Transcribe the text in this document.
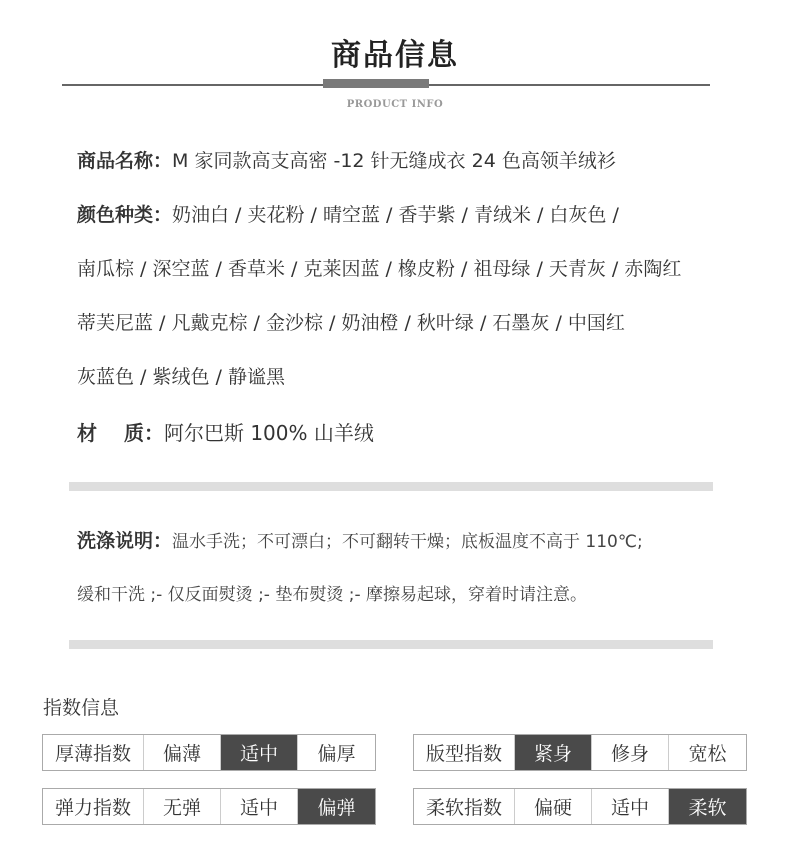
商品信息
PRODUCT INFO
商品名称：M 家同款高支高密 -12 针无缝成衣 24 色高领羊绒衫
颜色种类：奶油白 / 夹花粉 / 晴空蓝 / 香芋紫 / 青绒米 / 白灰色 /
南瓜棕 / 深空蓝 / 香草米 / 克莱因蓝 / 橡皮粉 / 祖母绿 / 天青灰 / 赤陶红
蒂芙尼蓝 / 凡戴克棕 / 金沙棕 / 奶油橙 / 秋叶绿 / 石墨灰 / 中国红
灰蓝色 / 紫绒色 / 静谧黑
材　 质：阿尔巴斯 100% 山羊绒
洗涤说明：温水手洗；不可漂白；不可翻转干燥；底板温度不高于 110℃;
缓和干洗 ;- 仅反面熨烫 ;- 垫布熨烫 ;- 摩擦易起球，穿着时请注意。
指数信息
厚薄指数	偏薄	适中	偏厚	版型指数	紧身	修身	宽松
弹力指数	无弹	适中	偏弹	柔软指数	偏硬	适中	柔软
